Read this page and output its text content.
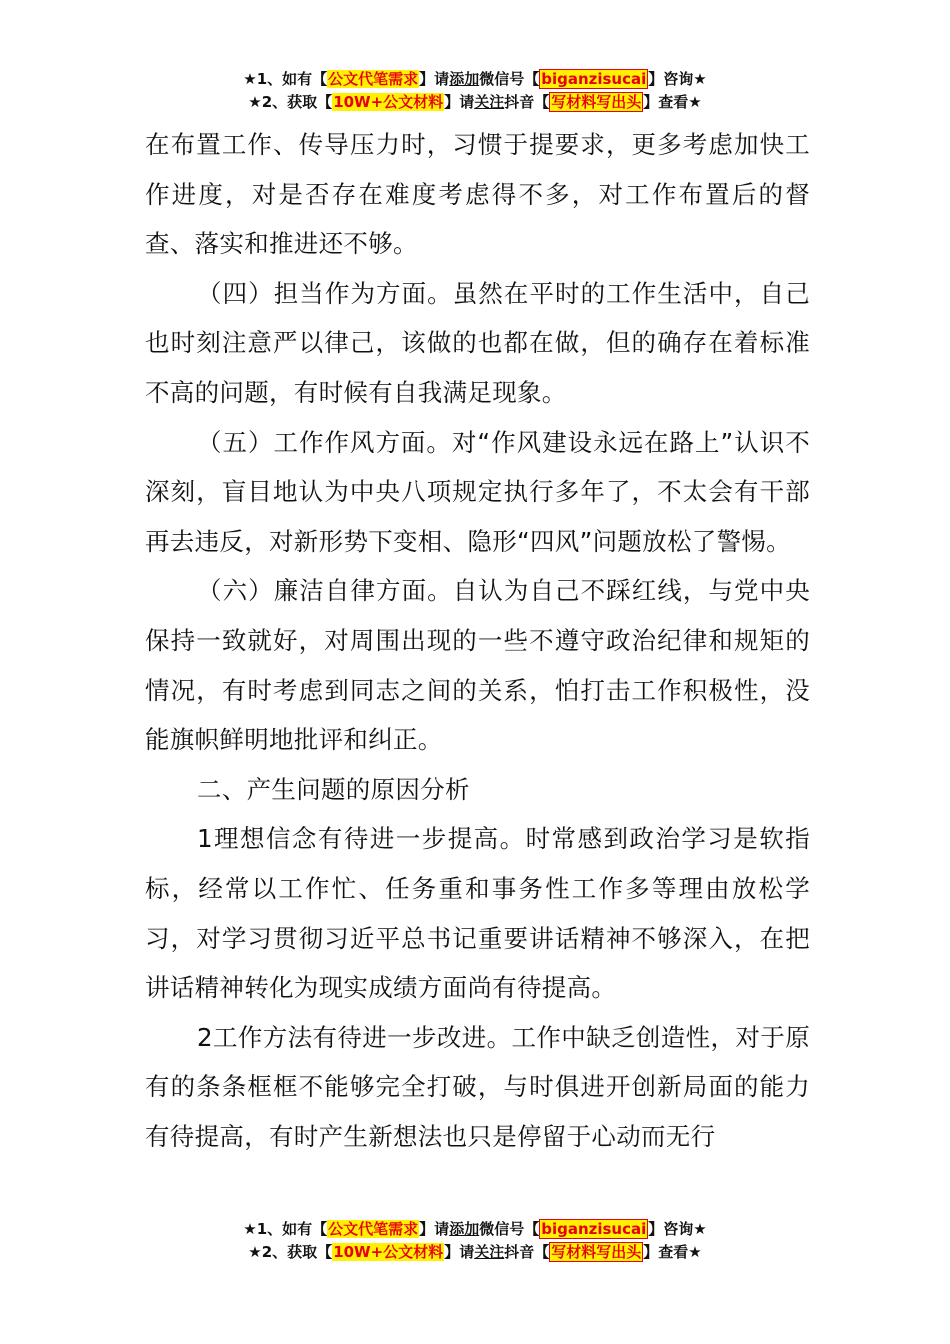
★1、如有【公文代笔需求】请添加微信号【 biganzisucai 】咨询★
★2、获取【10W+公文材料】请关注抖音【 写材料写出头 】查看★

在布置工作、传导压力时，习惯于提要求，更多考虑加快工作进度，对是否存在难度考虑得不多，对工作布置后的督查、落实和推进还不够。

（四）担当作为方面。虽然在平时的工作生活中，自己也时刻注意严以律己，该做的也都在做，但的确存在着标准不高的问题，有时候有自我满足现象。

（五）工作作风方面。对“作风建设永远在路上”认识不深刻，盲目地认为中央八项规定执行多年了，不太会有干部再去违反，对新形势下变相、隐形“四风”问题放松了警惕。

（六）廉洁自律方面。自认为自己不踩红线，与党中央保持一致就好，对周围出现的一些不遵守政治纪律和规矩的情况，有时考虑到同志之间的关系，怕打击工作积极性，没能旗帜鲜明地批评和纠正。

二、产生问题的原因分析

1理想信念有待进一步提高。时常感到政治学习是软指标，经常以工作忙、任务重和事务性工作多等理由放松学习，对学习贯彻习近平总书记重要讲话精神不够深入，在把讲话精神转化为现实成绩方面尚有待提高。

2工作方法有待进一步改进。工作中缺乏创造性，对于原有的条条框框不能够完全打破，与时俱进开创新局面的能力有待提高，有时产生新想法也只是停留于心动而无行

★1、如有【公文代笔需求】请添加微信号【 biganzisucai 】咨询★
★2、获取【10W+公文材料】请关注抖音【 写材料写出头 】查看★
